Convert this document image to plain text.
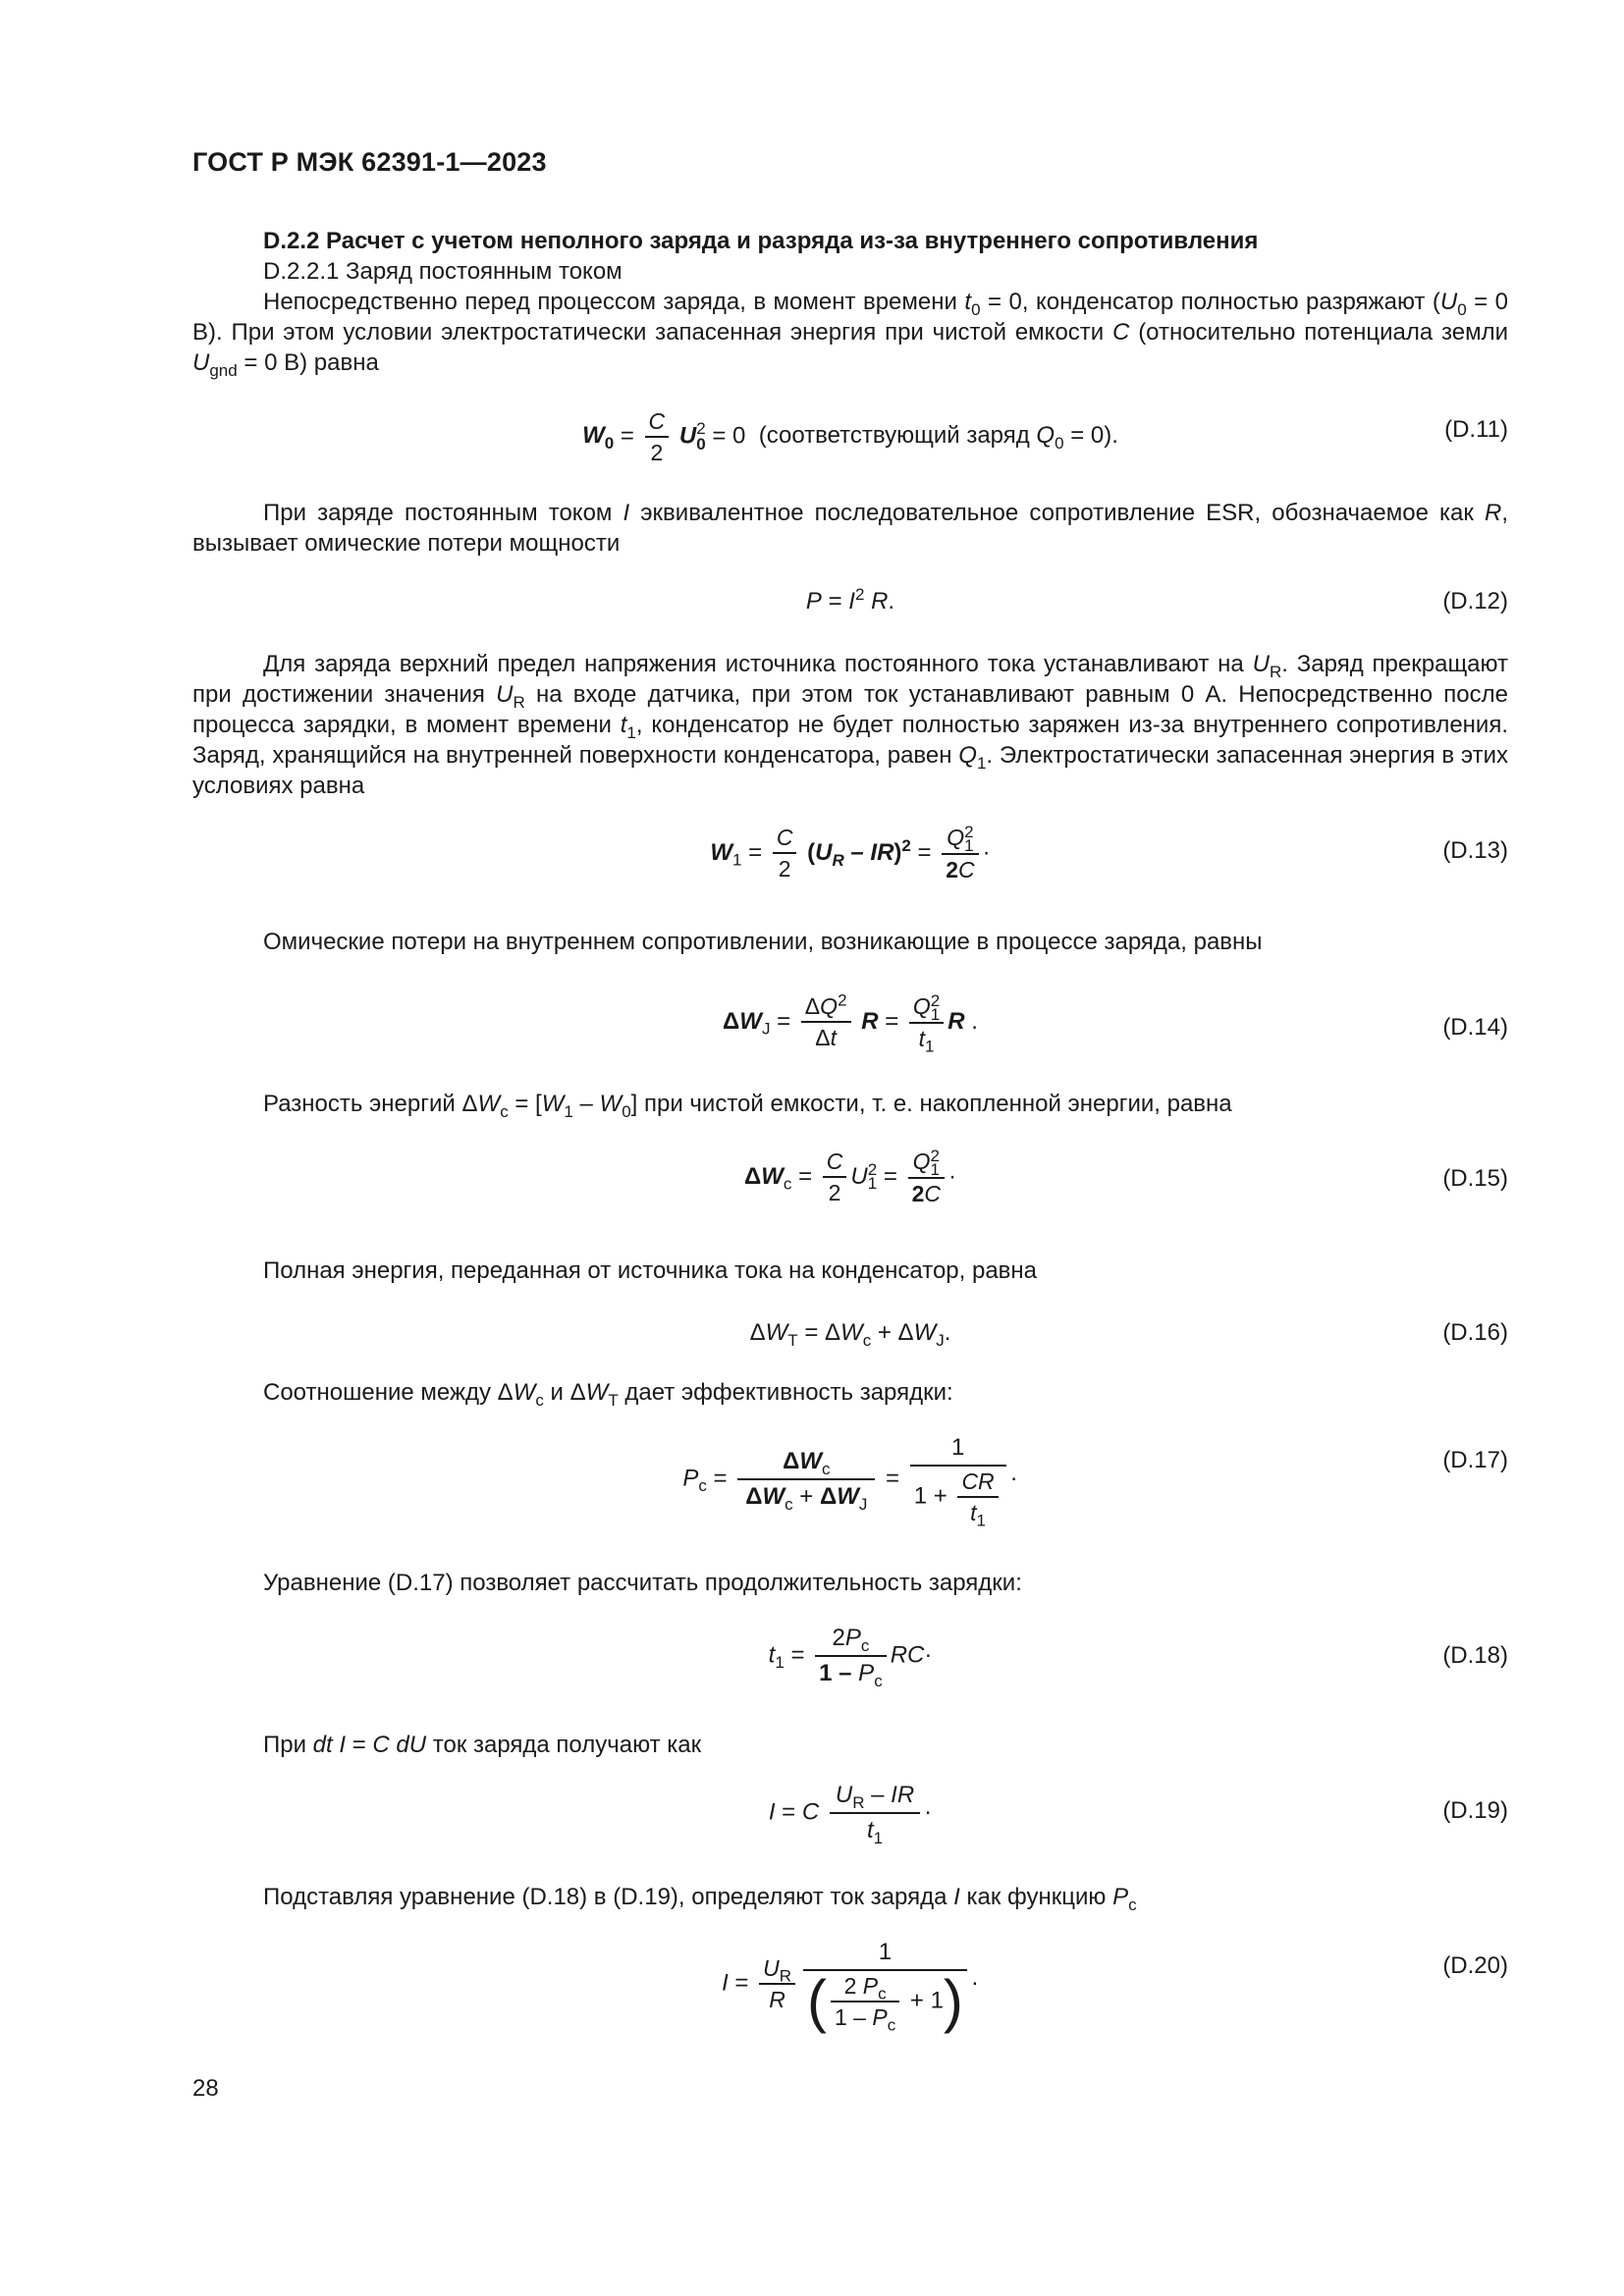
ГОСТ Р МЭК 62391-1—2023
D.2.2 Расчет с учетом неполного заряда и разряда из-за внутреннего сопротивления
D.2.2.1 Заряд постоянным током
Непосредственно перед процессом заряда, в момент времени $t_0 = 0$, конденсатор полностью разряжают ($U_0 = 0$ В). При этом условии электростатически запасенная энергия при чистой емкости C (относительно потенциала земли $U_{gnd} = 0$ В) равна
$W_0 = \frac{C}{2}$ U 2
0 = 0  (соответствующий заряд $Q_0 = 0$).	(D.11)
При заряде постоянным током I эквивалентное последовательное сопротивление ESR, обозначаемое как R, вызывает омические потери мощности
$P = I^2$ R.	(D.12)
Для заряда верхний предел напряжения источника постоянного тока устанавливают на $U_R$. Заряд прекращают при достижении значения $U_R$ на входе датчика, при этом ток устанавливают равным 0 А. Непосредственно после процесса зарядки, в момент времени $t_1$, конденсатор не будет полностью заряжен из-за внутреннего сопротивления. Заряд, хранящийся на внутренней поверхности конденсатора, равен $Q_1$. Электростатически запасенная энергия в этих условиях равна
$W_1 = \frac{C}{2} (U_R - IR)^2 = Q$ 2
1
2C ·	(D.13)
Омические потери на внутреннем сопротивлении, возникающие в процессе заряда, равны
$\Delta W_J = \frac{\Delta Q^2}{\Delta t}$ R = Q 2
1
$t_1$ R .	(D.14)
Разность энергий $\Delta W_c = [W_1 - W_0]$ при чистой емкости, т. е. накопленной энергии, равна
$\Delta W_c = \frac{C}{2}$ U 2
1 = Q 2
1
2C ·	(D.15)
Полная энергия, переданная от источника тока на конденсатор, равна
$\Delta W_T = \Delta W_c + \Delta W_J$.	(D.16)
Соотношение между $\Delta W_c$ и $\Delta W_T$ дает эффективность зарядки:
$P_c$ =
$\Delta W_c$
$\Delta W_c + \Delta W_J$
=
1
$1 + \frac{CR}{t_1}$ ·
(D.17)
Уравнение (D.17) позволяет рассчитать продолжительность зарядки:
$t_1 = \frac{2P_c}{1 - P_c} RC\cdot$	(D.18)
При dt I = C dU ток заряда получают как
I = C $\frac{U_R - IR}{t_1}$ ·	(D.19)
Подставляя уравнение (D.18) в (D.19), определяют ток заряда I как функцию $P_c$
$I = \frac{U_R}{R} \frac{1}{( \frac{2 P_c}{1 - P_c} + 1)}$ ·
(D.20)
28
